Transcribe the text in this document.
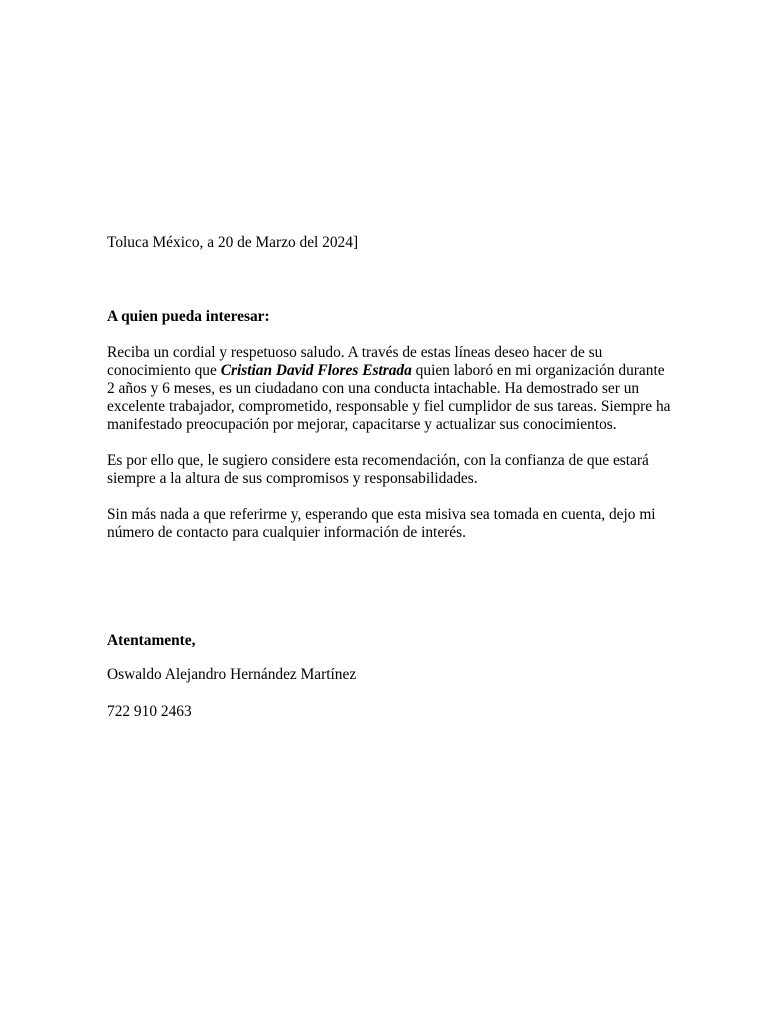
Toluca México, a 20 de Marzo del 2024]
A quien pueda interesar:
Reciba un cordial y respetuoso saludo. A través de estas líneas deseo hacer de su
conocimiento que Cristian David Flores Estrada quien laboró en mi organización durante
2 años y 6 meses, es un ciudadano con una conducta intachable. Ha demostrado ser un
excelente trabajador, comprometido, responsable y fiel cumplidor de sus tareas. Siempre ha
manifestado preocupación por mejorar, capacitarse y actualizar sus conocimientos.
Es por ello que, le sugiero considere esta recomendación, con la confianza de que estará
siempre a la altura de sus compromisos y responsabilidades.
Sin más nada a que referirme y, esperando que esta misiva sea tomada en cuenta, dejo mi
número de contacto para cualquier información de interés.
Atentamente,
Oswaldo Alejandro Hernández Martínez
722 910 2463
